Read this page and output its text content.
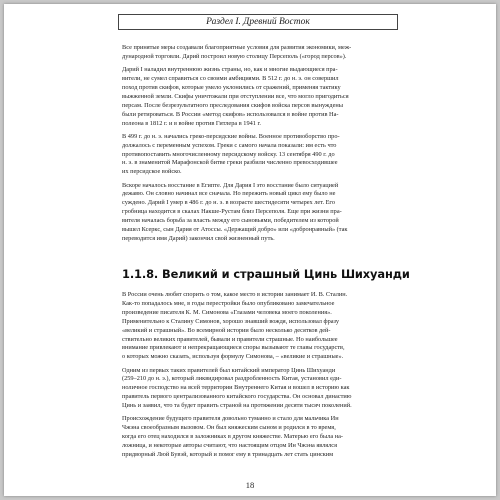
Раздел I. Древний Восток
Все принятые меры создавали благоприятные условия для развития экономики, меж-
дународной торговли. Дарий построил новую столицу Персеполь («город персов»).
Дарий I наладил внутреннюю жизнь страны, но, как и многие выдающиеся пра-
вители, не сумел справиться со своими амбициями. В 512 г. до н. э. он совершил
поход против скифов, которые умело уклонились от сражений, применяя тактику
выжженной земли. Скифы уничтожали при отступлении все, что могло пригодиться
персам. После безрезультатного преследования скифов войска персов вынуждены
были ретироваться. В России «метод скифов» использовался в войне против На-
полеона в 1812 г. и в войне против Гитлера в 1941 г.
В 499 г. до н. э. начались греко-персидские войны. Военное противоборство про-
должалось с переменным успехом. Греки с самого начала показали: им есть что
противопоставить многочисленному персидскому войску. 13 сентября 490 г. до
н. э. в знаменитой Марафонской битве греки разбили численно превосходившее
их персидское войско.
Вскоре началось восстание в Египте. Для Дария I это восстание было ситуацией
дежавю. Он словно начинал все сначала. Но пережить новый цикл ему было не
суждено. Дарий I умер в 486 г. до н. э. в возрасте шестидесяти четырех лет. Его
гробница находится в скалах Накше-Рустам близ Персеполя. Еще при жизни пра-
вителя началась борьба за власть между его сыновьями, победителем из которой
вышел Ксеркс, сын Дария от Атоссы. «Держащий добро» или «добронравный» (так
переводится имя Дарий) закончил свой жизненный путь.
1.1.8. Великий и страшный Цинь Шихуанди
В России очень любят спорить о том, какое место в истории занимает И. В. Сталин.
Как-то попадалось мне, в годы перестройки было опубликовано замечательное
произведение писателя К. М. Симонова «Глазами человека моего поколения».
Применительно к Сталину Симонов, хорошо знавший вождя, использовал фразу
«великий и страшный». Во всемирной истории было несколько десятков дей-
ствительно великих правителей, бывали и правители страшные. Но наибольшее
внимание привлекают и непрекращающиеся споры вызывают те главы государств,
о которых можно сказать, используя формулу Симонова, – «великие и страшные».
Одним из первых таких правителей был китайский император Цинь Шихуанди
(259–210 до н. э.), который ликвидировал раздробленность Китая, установил еди-
ноличное господство на всей территории Внутреннего Китая и вошел в историю как
правитель первого централизованного китайского государства. Он основал династию
Цинь и заявил, что та будет править страной на протяжении десяти тысяч поколений.
Происхождение будущего правителя довольно туманно и стало для мальчика Ин
Чжэна своеобразным вызовом. Он был княжеским сыном и родился в то время,
когда его отец находился в заложниках в другом княжестве. Матерью его была на-
ложница, и некоторые авторы считают, что настоящим отцом Ин Чжэна являлся
придворный Люй Бувэй, который и помог ему в тринадцать лет стать цинским
18
